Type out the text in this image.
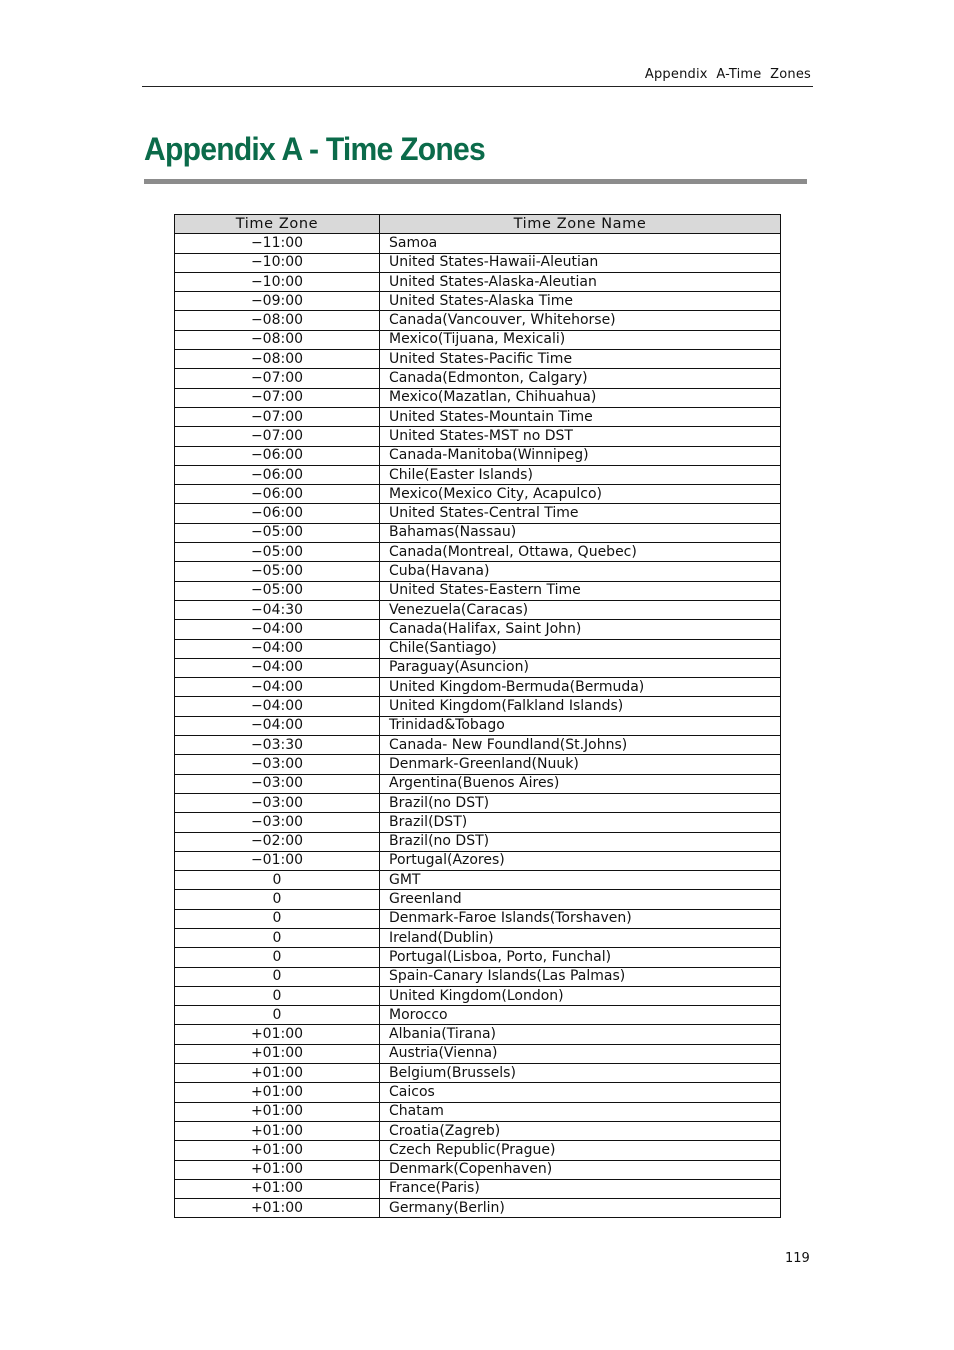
Appendix  A-Time  Zones
Appendix A - Time Zones
Time Zone	Time Zone Name
−11:00	Samoa
−10:00	United States-Hawaii-Aleutian
−10:00	United States-Alaska-Aleutian
−09:00	United States-Alaska Time
−08:00	Canada(Vancouver, Whitehorse)
−08:00	Mexico(Tijuana, Mexicali)
−08:00	United States-Pacific Time
−07:00	Canada(Edmonton, Calgary)
−07:00	Mexico(Mazatlan, Chihuahua)
−07:00	United States-Mountain Time
−07:00	United States-MST no DST
−06:00	Canada-Manitoba(Winnipeg)
−06:00	Chile(Easter Islands)
−06:00	Mexico(Mexico City, Acapulco)
−06:00	United States-Central Time
−05:00	Bahamas(Nassau)
−05:00	Canada(Montreal, Ottawa, Quebec)
−05:00	Cuba(Havana)
−05:00	United States-Eastern Time
−04:30	Venezuela(Caracas)
−04:00	Canada(Halifax, Saint John)
−04:00	Chile(Santiago)
−04:00	Paraguay(Asuncion)
−04:00	United Kingdom-Bermuda(Bermuda)
−04:00	United Kingdom(Falkland Islands)
−04:00	Trinidad&Tobago
−03:30	Canada- New Foundland(St.Johns)
−03:00	Denmark-Greenland(Nuuk)
−03:00	Argentina(Buenos Aires)
−03:00	Brazil(no DST)
−03:00	Brazil(DST)
−02:00	Brazil(no DST)
−01:00	Portugal(Azores)
0	GMT
0	Greenland
0	Denmark-Faroe Islands(Torshaven)
0	Ireland(Dublin)
0	Portugal(Lisboa, Porto, Funchal)
0	Spain-Canary Islands(Las Palmas)
0	United Kingdom(London)
0	Morocco
+01:00	Albania(Tirana)
+01:00	Austria(Vienna)
+01:00	Belgium(Brussels)
+01:00	Caicos
+01:00	Chatam
+01:00	Croatia(Zagreb)
+01:00	Czech Republic(Prague)
+01:00	Denmark(Copenhaven)
+01:00	France(Paris)
+01:00	Germany(Berlin)
119
